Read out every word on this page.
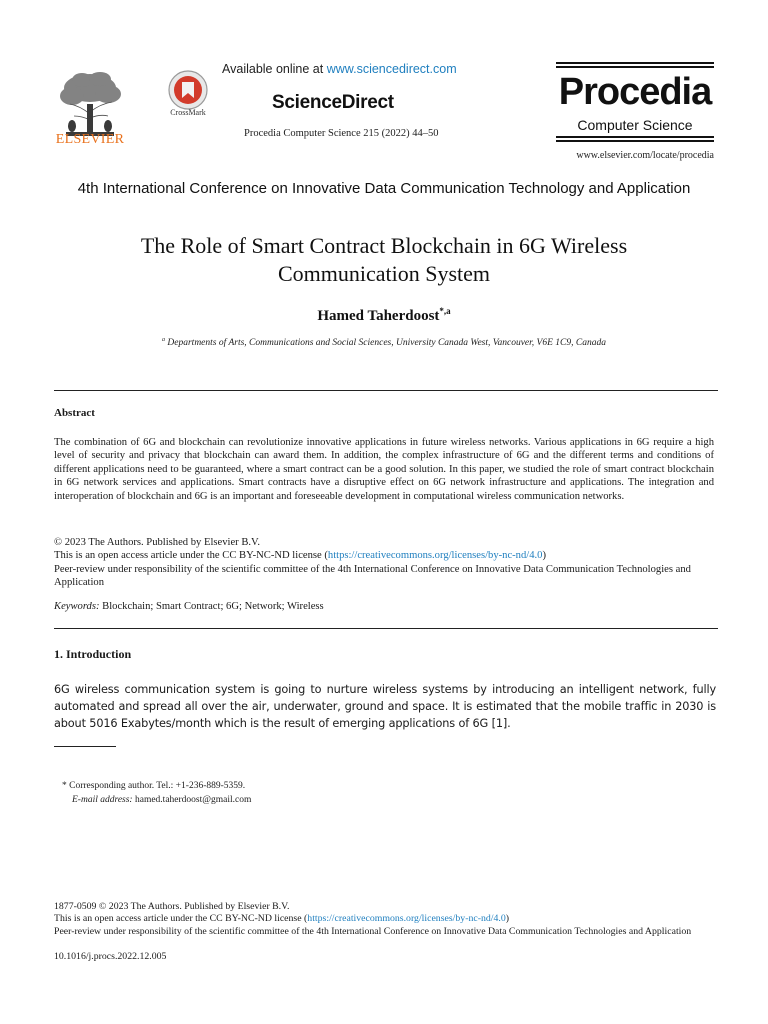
ELSEVIER
CrossMark
Available online at www.sciencedirect.com
ScienceDirect
Procedia Computer Science 215 (2022) 44–50
Procedia
Computer Science
www.elsevier.com/locate/procedia
4th International Conference on Innovative Data Communication Technology and Application
The Role of Smart Contract Blockchain in 6G Wireless Communication System
Hamed Taherdoost$^{*,a}$
$^a$ Departments of Arts, Communications and Social Sciences, University Canada West, Vancouver, V6E 1C9, Canada
Abstract
The combination of 6G and blockchain can revolutionize innovative applications in future wireless networks. Various applications in 6G require a high level of security and privacy that blockchain can award them. In addition, the complex infrastructure of 6G and the different terms and conditions of different applications need to be guaranteed, where a smart contract can be a good solution. In this paper, we studied the role of smart contract blockchain in 6G network services and applications. Smart contracts have a disruptive effect on 6G network infrastructure and applications. The integration and interoperation of blockchain and 6G is an important and foreseeable development in computational wireless communication networks.
© 2023 The Authors. Published by Elsevier B.V.
This is an open access article under the CC BY-NC-ND license (https://creativecommons.org/licenses/by-nc-nd/4.0)
Peer-review under responsibility of the scientific committee of the 4th International Conference on Innovative Data Communication Technologies and Application
Keywords: Blockchain; Smart Contract; 6G; Network; Wireless
1. Introduction
6G wireless communication system is going to nurture wireless systems by introducing an intelligent network, fully automated and spread all over the air, underwater, ground and space. It is estimated that the mobile traffic in 2030 is about 5016 Exabytes/month which is the result of emerging applications of 6G [1].
* Corresponding author. Tel.: +1-236-889-5359.
E-mail address: hamed.taherdoost@gmail.com
1877-0509 © 2023 The Authors. Published by Elsevier B.V.
This is an open access article under the CC BY-NC-ND license (https://creativecommons.org/licenses/by-nc-nd/4.0)
Peer-review under responsibility of the scientific committee of the 4th International Conference on Innovative Data Communication Technologies and Application
10.1016/j.procs.2022.12.005
